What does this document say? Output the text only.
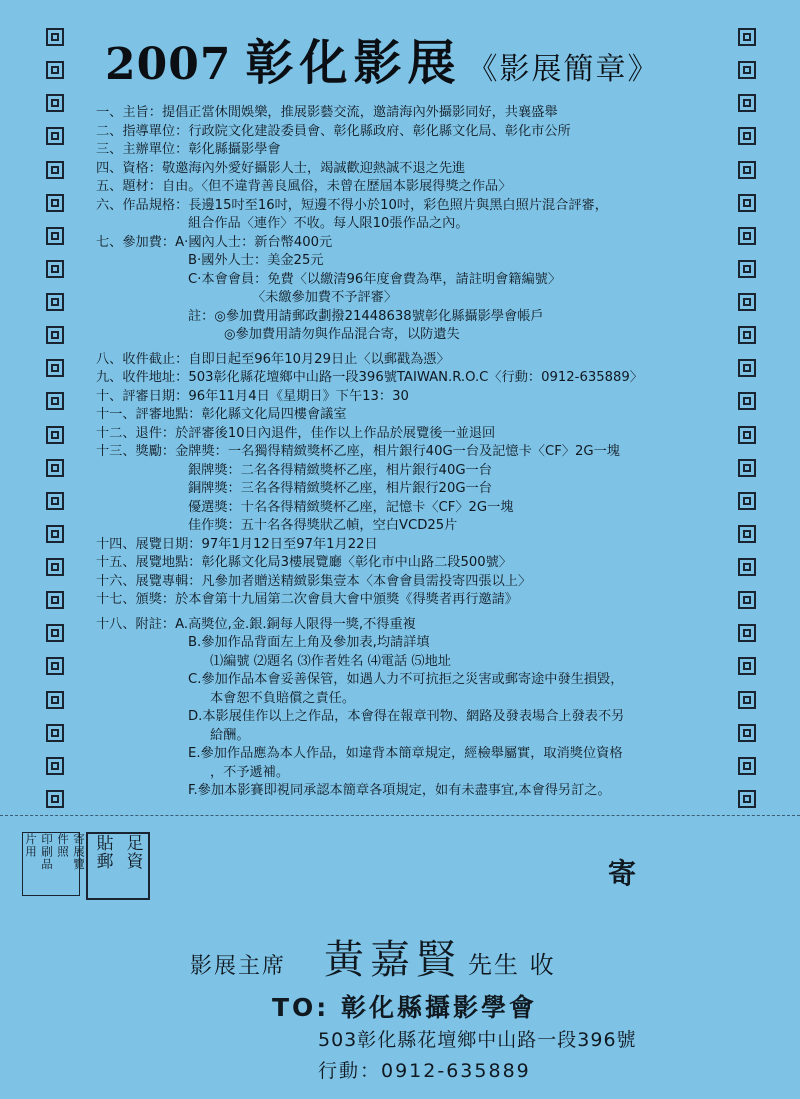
2007 彰化影展 《影展簡章》
一、主旨： 提倡正當休閒娛樂，推展影藝交流，邀請海內外攝影同好，共襄盛舉
二、指導單位： 行政院文化建設委員會、彰化縣政府、彰化縣文化局、彰化市公所
三、主辦單位： 彰化縣攝影學會
四、資格： 敬邀海內外愛好攝影人士，竭誠歡迎熱誠不退之先進
五、題材： 自由。〈但不違背善良風俗，未曾在歷屆本影展得獎之作品〉
六、作品規格： 長邊15吋至16吋，短邊不得小於10吋，彩色照片與黑白照片混合評審，
組合作品〈連作〉不收。每人限10張作品之內。
七、參加費： A‧國內人士：新台幣400元
B‧國外人士：美金25元
C‧本會會員：免費〈以繳清96年度會費為準，請註明會籍編號〉
〈未繳參加費不予評審〉
註：◎參加費用請郵政劃撥21448638號彰化縣攝影學會帳戶
◎參加費用請勿與作品混合寄，以防遺失
八、收件截止： 自即日起至96年10月29日止〈以郵戳為憑〉
九、收件地址： 503彰化縣花壇鄉中山路一段396號TAIWAN.R.O.C〈行動：0912-635889〉
十、評審日期： 96年11月4日《星期日》下午13：30
十一、評審地點： 彰化縣文化局四樓會議室
十二、退件： 於評審後10日內退件，佳作以上作品於展覽後一並退回
十三、獎勵： 金牌獎：一名獨得精緻獎杯乙座，相片銀行40G一台及記憶卡〈CF〉2G一塊
銀牌獎：二名各得精緻獎杯乙座，相片銀行40G一台
銅牌獎：三名各得精緻獎杯乙座，相片銀行20G一台
優選獎：十名各得精緻獎杯乙座，記憶卡〈CF〉2G一塊
佳作獎：五十名各得獎狀乙幀，空白VCD25片
十四、展覽日期： 97年1月12日至97年1月22日
十五、展覽地點： 彰化縣文化局3樓展覽廳〈彰化市中山路二段500號〉
十六、展覽專輯： 凡參加者贈送精緻影集壹本〈本會會員需投寄四張以上〉
十七、頒獎： 於本會第十九屆第二次會員大會中頒獎《得獎者再行邀請》
十八、附註： A.高獎位,金.銀.銅每人限得一獎,不得重複
B.參加作品背面左上角及參加表,均請詳填
⑴編號 ⑵題名 ⑶作者姓名 ⑷電話 ⑸地址
C.參加作品本會妥善保管，如遇人力不可抗拒之災害或郵寄途中發生損毀，
本會恕不負賠償之責任。
D.本影展佳作以上之作品，本會得在報章刊物、網路及發表場合上發表不另
給酬。
E.參加作品應為本人作品，如違背本簡章規定，經檢舉屬實，取消獎位資格
，不予遞補。
F.參加本影賽即視同承認本簡章各項規定，如有未盡事宜,本會得另訂之。
寄展覽
件照
印刷品
片用	足資
貼郵
寄
影展主席 黃嘉賢 先生 收
TO: 彰化縣攝影學會
503彰化縣花壇鄉中山路一段396號
行動：0912-635889
